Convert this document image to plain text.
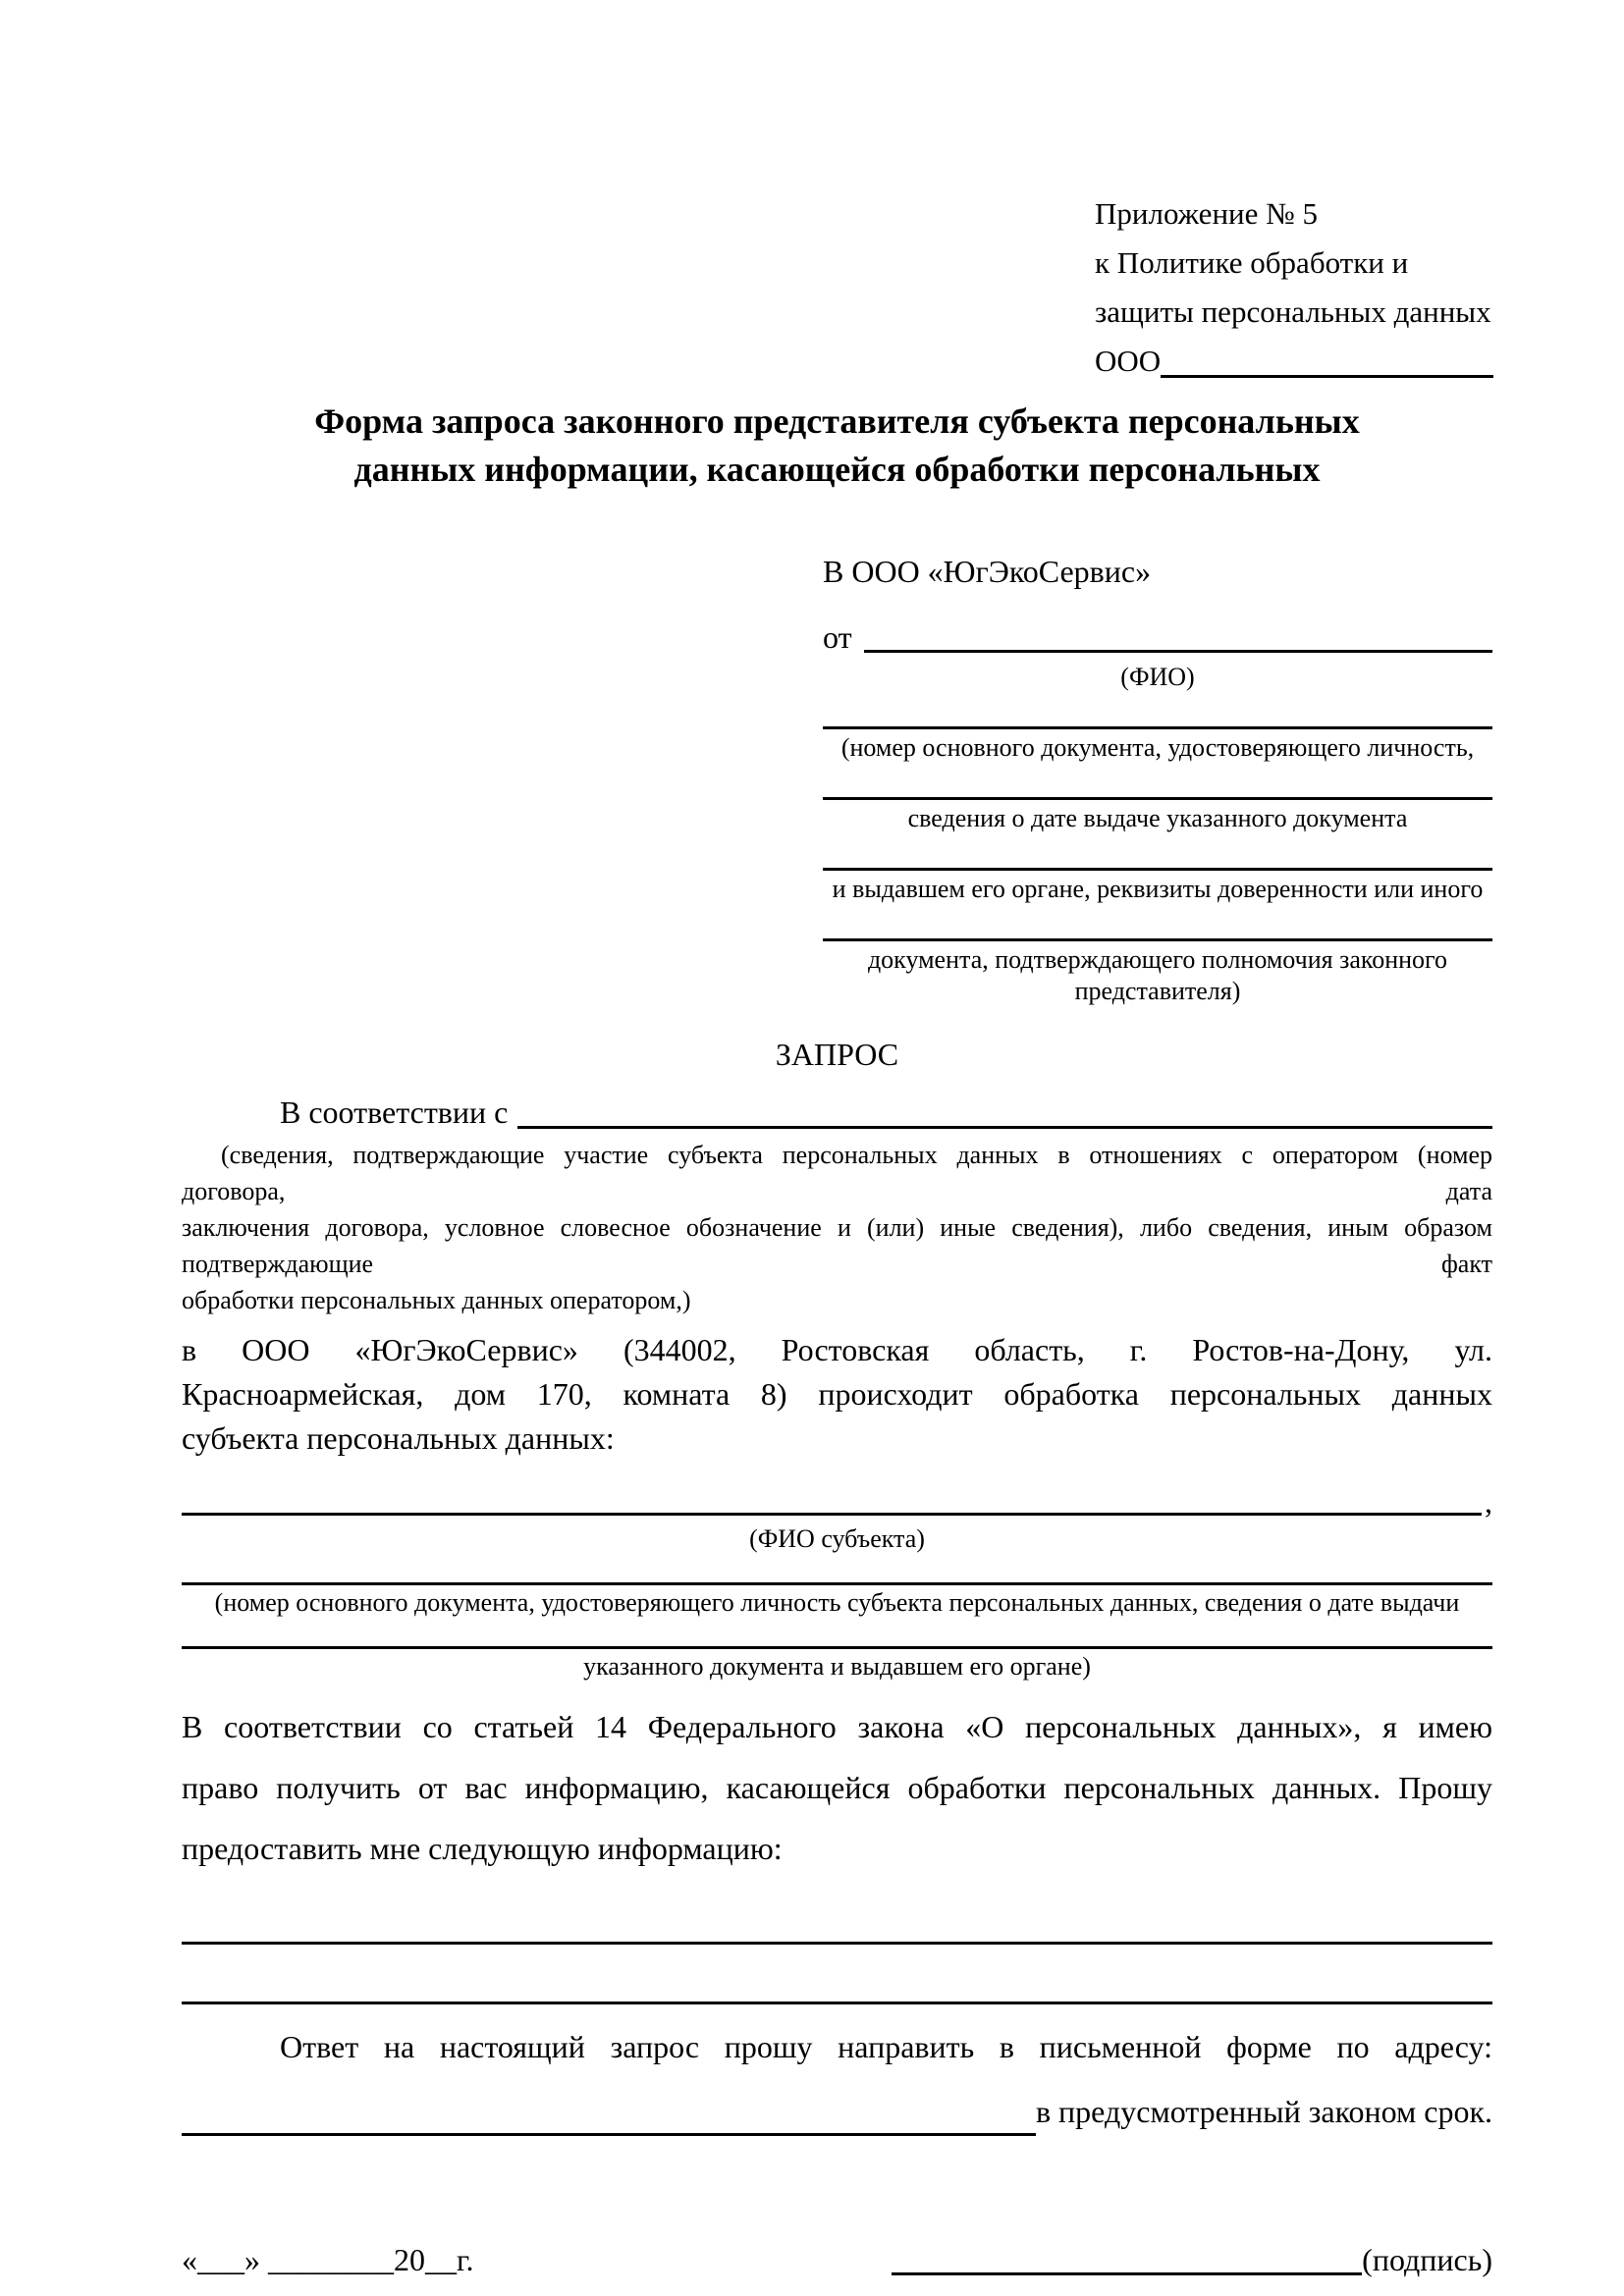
Приложение № 5
к Политике обработки и
защиты персональных данных
ООО
Форма запроса законного представителя субъекта персональных
данных информации, касающейся обработки персональных
В ООО «ЮгЭкоСервис»
от
(ФИО)
(номер основного документа, удостоверяющего личность,
сведения о дате выдаче указанного документа
и выдавшем его органе, реквизиты доверенности или иного
документа, подтверждающего полномочия законного представителя)
ЗАПРОС
В соответствии с
(сведения, подтверждающие участие субъекта персональных данных в отношениях с оператором (номер договора, дата
заключения договора, условное словесное обозначение и (или) иные сведения), либо сведения, иным образом подтверждающие факт
обработки персональных данных оператором,)
в ООО «ЮгЭкоСервис» (344002, Ростовская область, г. Ростов-на-Дону, ул.
Красноармейская, дом 170, комната 8) происходит обработка персональных данных
субъекта персональных данных:
,
(ФИО субъекта)
(номер основного документа, удостоверяющего личность субъекта персональных данных, сведения о дате выдачи
указанного документа и выдавшем его органе)
В соответствии со статьей 14 Федерального закона «О персональных данных», я имею
право получить от вас информацию, касающейся обработки персональных данных. Прошу
предоставить мне следующую информацию:
Ответ на настоящий запрос прошу направить в письменной форме по адресу:
в предусмотренный законом срок.
«___» ________20__г.	(подпись)
